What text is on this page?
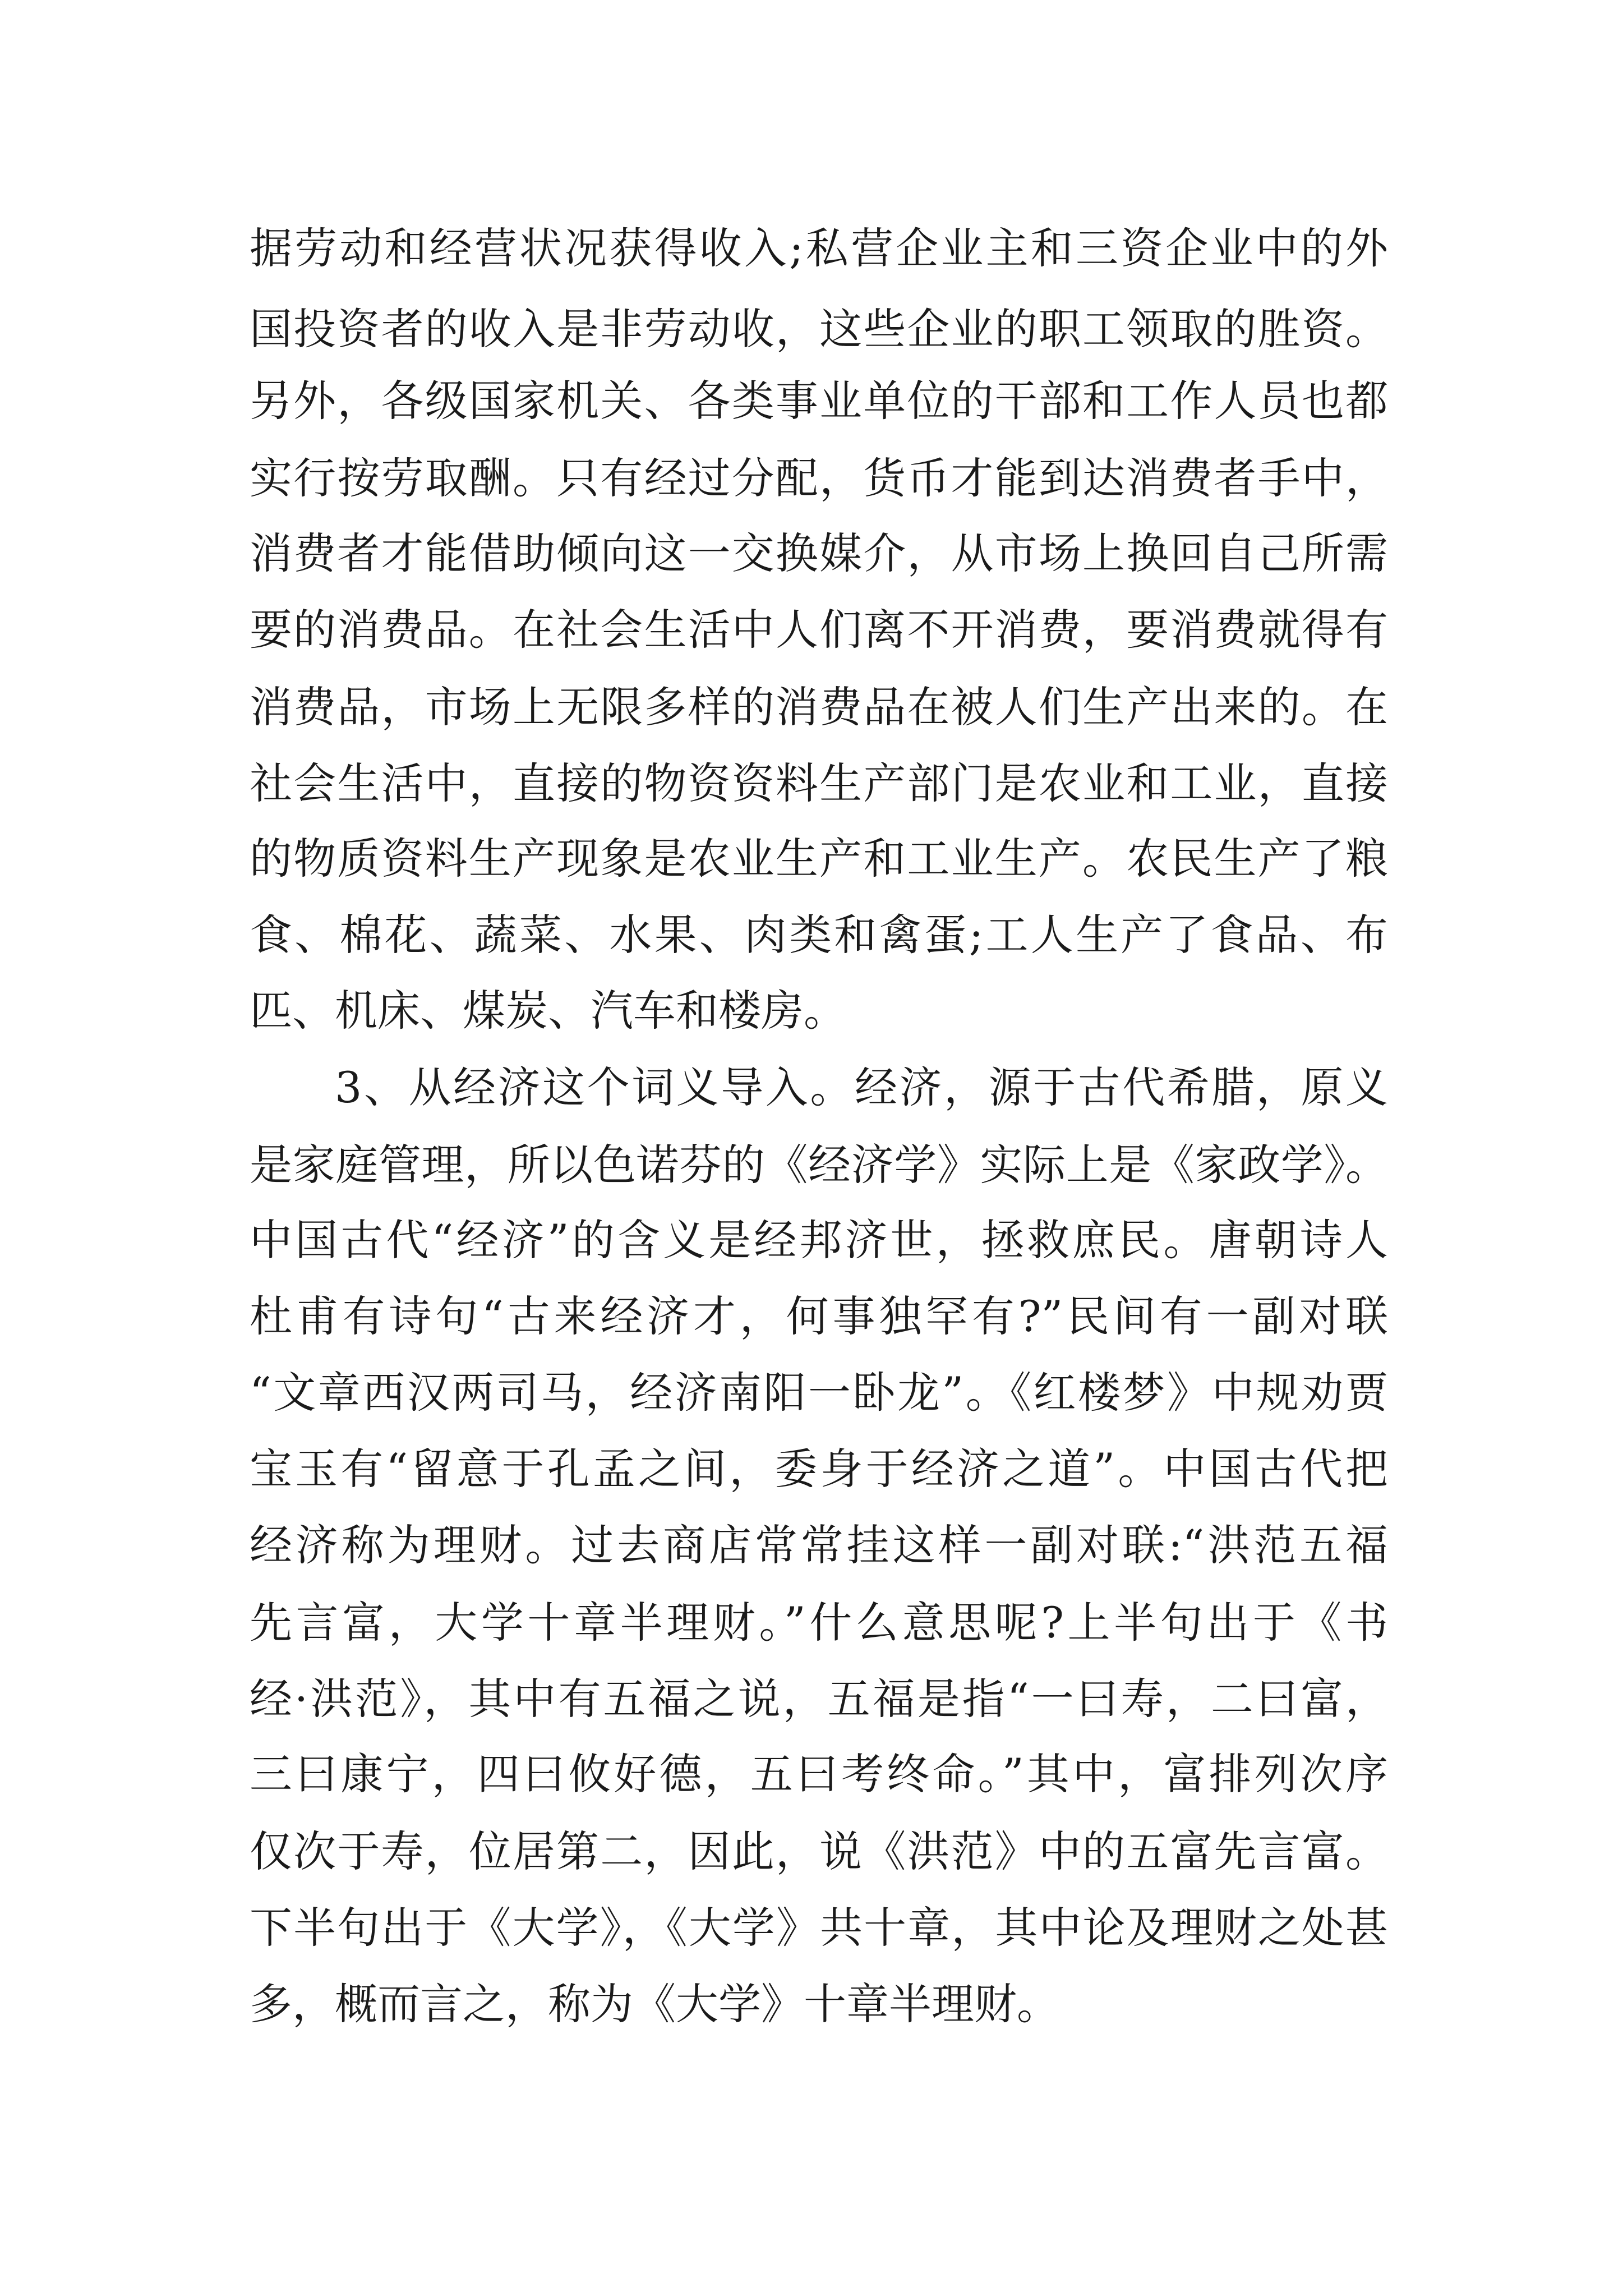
据劳动和经营状况获得收入;私营企业主和三资企业中的外
国投资者的收入是非劳动收，这些企业的职工领取的胜资。
另外，各级国家机关、各类事业单位的干部和工作人员也都
实行按劳取酬。只有经过分配，货币才能到达消费者手中，
消费者才能借助倾向这一交换媒介，从市场上换回自己所需
要的消费品。在社会生活中人们离不开消费，要消费就得有
消费品，市场上无限多样的消费品在被人们生产出来的。在
社会生活中，直接的物资资料生产部门是农业和工业，直接
的物质资料生产现象是农业生产和工业生产。农民生产了粮
食、棉花、蔬菜、水果、肉类和禽蛋;工人生产了食品、布
匹、机床、煤炭、汽车和楼房。
3、从经济这个词义导入。经济，源于古代希腊，原义
是家庭管理，所以色诺芬的《经济学》实际上是《家政学》。
中国古代“经济”的含义是经邦济世，拯救庶民。唐朝诗人
杜甫有诗句“古来经济才，何事独罕有?”民间有一副对联
“文章西汉两司马，经济南阳一卧龙”。《红楼梦》中规劝贾
宝玉有“留意于孔孟之间，委身于经济之道”。中国古代把
经济称为理财。过去商店常常挂这样一副对联:“洪范五福
先言富，大学十章半理财。”什么意思呢?上半句出于《书
经·洪范》，其中有五福之说，五福是指“一曰寿，二曰富，
三曰康宁，四曰攸好德，五曰考终命。”其中，富排列次序
仅次于寿，位居第二，因此，说《洪范》中的五富先言富。
下半句出于《大学》，《大学》共十章，其中论及理财之处甚
多，概而言之，称为《大学》十章半理财。
